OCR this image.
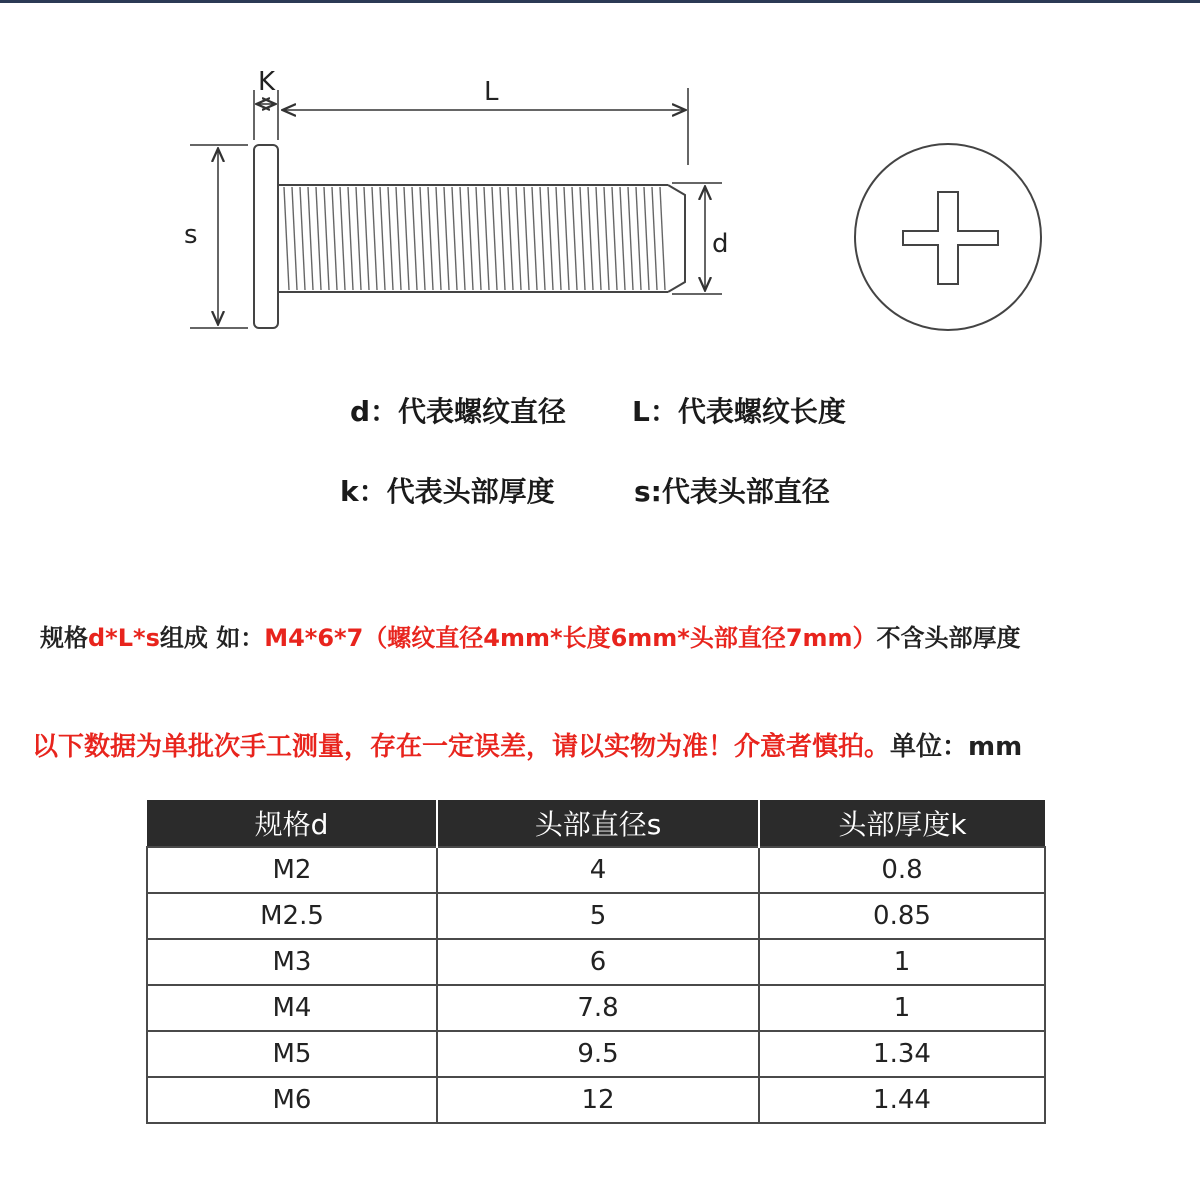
K	L
s	d
d：代表螺纹直径 L：代表螺纹长度
k：代表头部厚度	s:代表头部直径
规格d*L*s组成 如：M4*6*7（螺纹直径4mm*长度6mm*头部直径7mm）不含头部厚度
以下数据为单批次手工测量，存在一定误差，请以实物为准！介意者慎拍。单位：mm
规格d	头部直径s	头部厚度k
M2	4	0.8
M2.5	5	0.85
M3	6	1
M4	7.8	1
M5	9.5	1.34
M6	12	1.44
